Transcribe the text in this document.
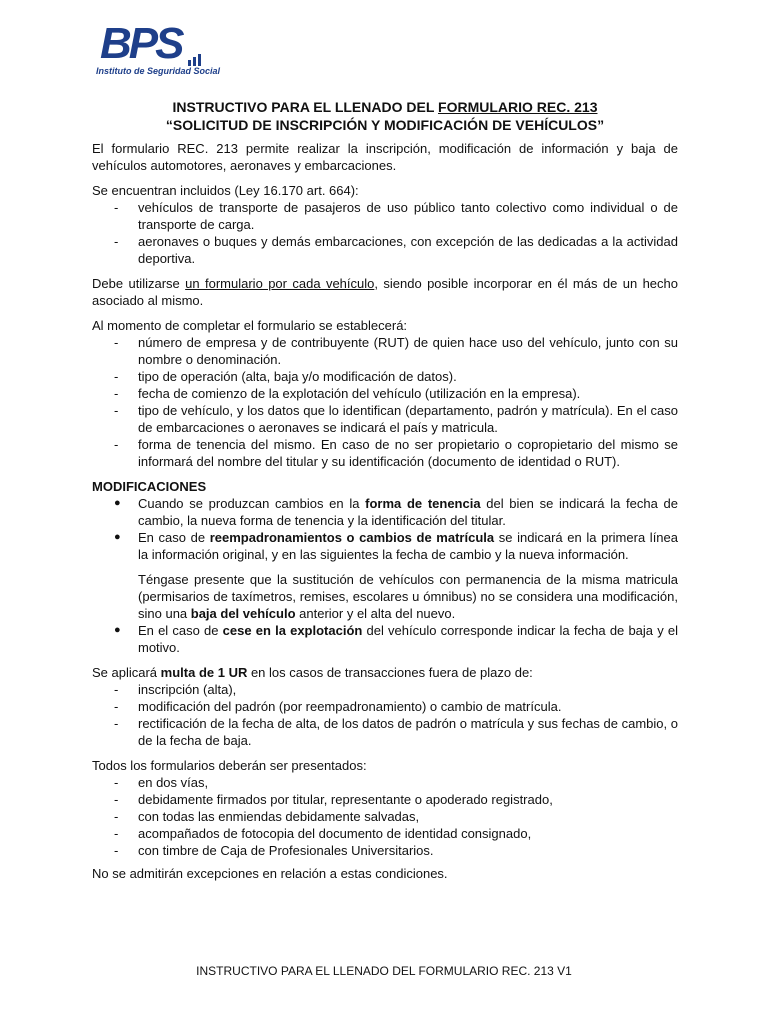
BPS
Instituto de Seguridad Social

INSTRUCTIVO PARA EL LLENADO DEL FORMULARIO REC. 213

“SOLICITUD DE INSCRIPCIÓN Y MODIFICACIÓN DE VEHÍCULOS”

El formulario REC. 213 permite realizar la inscripción, modificación de información y baja de vehículos automotores, aeronaves y embarcaciones.

Se encuentran incluidos (Ley 16.170 art. 664):

- vehículos de transporte de pasajeros de uso público tanto colectivo como individual o de transporte de carga.
- aeronaves o buques y demás embarcaciones, con excepción de las dedicadas a la actividad deportiva.

Debe utilizarse un formulario por cada vehículo, siendo posible incorporar en él más de un hecho asociado al mismo.

Al momento de completar el formulario se establecerá:

- número de empresa y de contribuyente (RUT) de quien hace uso del vehículo, junto con su nombre o denominación.
- tipo de operación (alta, baja y/o modificación de datos).
- fecha de comienzo de la explotación del vehículo (utilización en la empresa).
- tipo de vehículo, y los datos que lo identifican (departamento, padrón y matrícula). En el caso de embarcaciones o aeronaves se indicará el país y matricula.
- forma de tenencia del mismo. En caso de no ser propietario o copropietario del mismo se informará del nombre del titular y su identificación (documento de identidad o RUT).

MODIFICACIONES

● Cuando se produzcan cambios en la forma de tenencia del bien se indicará la fecha de cambio, la nueva forma de tenencia y la identificación del titular.
● En caso de reempadronamientos o cambios de matrícula se indicará en la primera línea la información original, y en las siguientes la fecha de cambio y la nueva información.

Téngase presente que la sustitución de vehículos con permanencia de la misma matricula (permisarios de taxímetros, remises, escolares u ómnibus) no se considera una modificación, sino una baja del vehículo anterior y el alta del nuevo.

● En el caso de cese en la explotación del vehículo corresponde indicar la fecha de baja y el motivo.

Se aplicará multa de 1 UR en los casos de transacciones fuera de plazo de:

- inscripción (alta),
- modificación del padrón (por reempadronamiento) o cambio de matrícula.
- rectificación de la fecha de alta, de los datos de padrón o matrícula y sus fechas de cambio, o de la fecha de baja.

Todos los formularios deberán ser presentados:

- en dos vías,
- debidamente firmados por titular, representante o apoderado registrado,
- con todas las enmiendas debidamente salvadas,
- acompañados de fotocopia del documento de identidad consignado,
- con timbre de Caja de Profesionales Universitarios.

No se admitirán excepciones en relación a estas condiciones.

INSTRUCTIVO PARA EL LLENADO DEL FORMULARIO REC. 213 V1
